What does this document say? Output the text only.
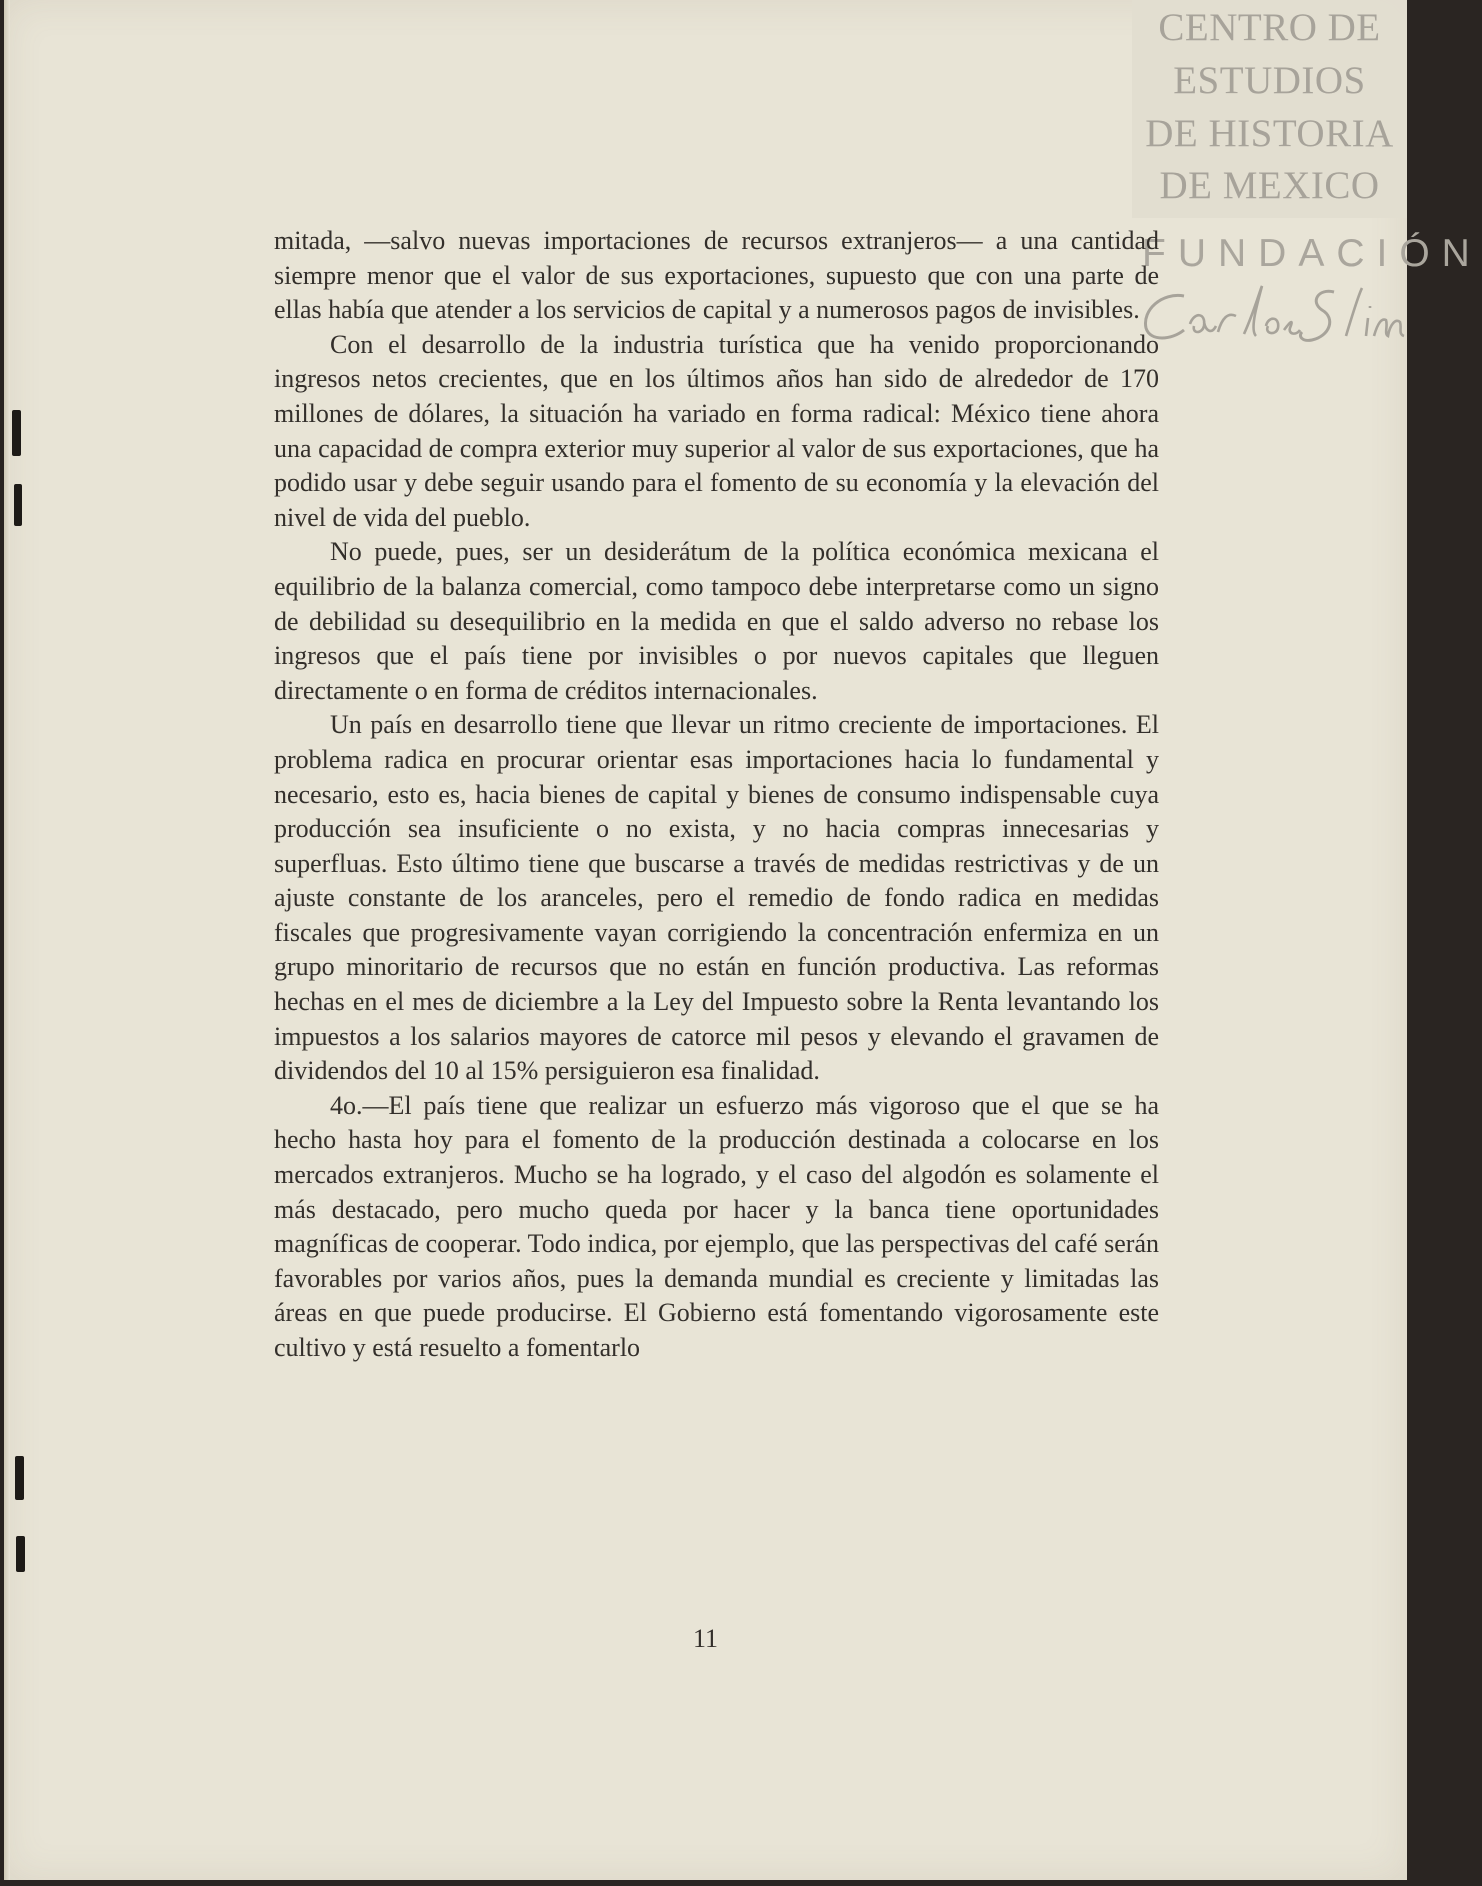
CENTRO DE
ESTUDIOS
DE HISTORIA
DE MEXICO
FUNDACIÓN

mitada, —salvo nuevas importaciones de recursos extranjeros— a una cantidad siempre menor que el valor de sus exportaciones, supuesto que con una parte de ellas había que atender a los servicios de capital y a numerosos pagos de invisibles.

Con el desarrollo de la industria turística que ha venido proporcionando ingresos netos crecientes, que en los últimos años han sido de alrededor de 170 millones de dólares, la situación ha variado en forma radical: México tiene ahora una capacidad de compra exterior muy superior al valor de sus exportaciones, que ha podido usar y debe seguir usando para el fomento de su economía y la elevación del nivel de vida del pueblo.

No puede, pues, ser un desiderátum de la política económica mexicana el equilibrio de la balanza comercial, como tampoco debe interpretarse como un signo de debilidad su desequilibrio en la medida en que el saldo adverso no rebase los ingresos que el país tiene por invisibles o por nuevos capitales que lleguen directamente o en forma de créditos internacionales.

Un país en desarrollo tiene que llevar un ritmo creciente de importaciones. El problema radica en procurar orientar esas importaciones hacia lo fundamental y necesario, esto es, hacia bienes de capital y bienes de consumo indispensable cuya producción sea insuficiente o no exista, y no hacia compras innecesarias y superfluas. Esto último tiene que buscarse a través de medidas restrictivas y de un ajuste constante de los aranceles, pero el remedio de fondo radica en medidas fiscales que progresivamente vayan corrigiendo la concentración enfermiza en un grupo minoritario de recursos que no están en función productiva. Las reformas hechas en el mes de diciembre a la Ley del Impuesto sobre la Renta levantando los impuestos a los salarios mayores de catorce mil pesos y elevando el gravamen de dividendos del 10 al 15% persiguieron esa finalidad.

4o.—El país tiene que realizar un esfuerzo más vigoroso que el que se ha hecho hasta hoy para el fomento de la producción destinada a colocarse en los mercados extranjeros. Mucho se ha logrado, y el caso del algodón es solamente el más destacado, pero mucho queda por hacer y la banca tiene oportunidades magníficas de cooperar. Todo indica, por ejemplo, que las perspectivas del café serán favorables por varios años, pues la demanda mundial es creciente y limitadas las áreas en que puede producirse. El Gobierno está fomentando vigorosamente este cultivo y está resuelto a fomentarlo

11
